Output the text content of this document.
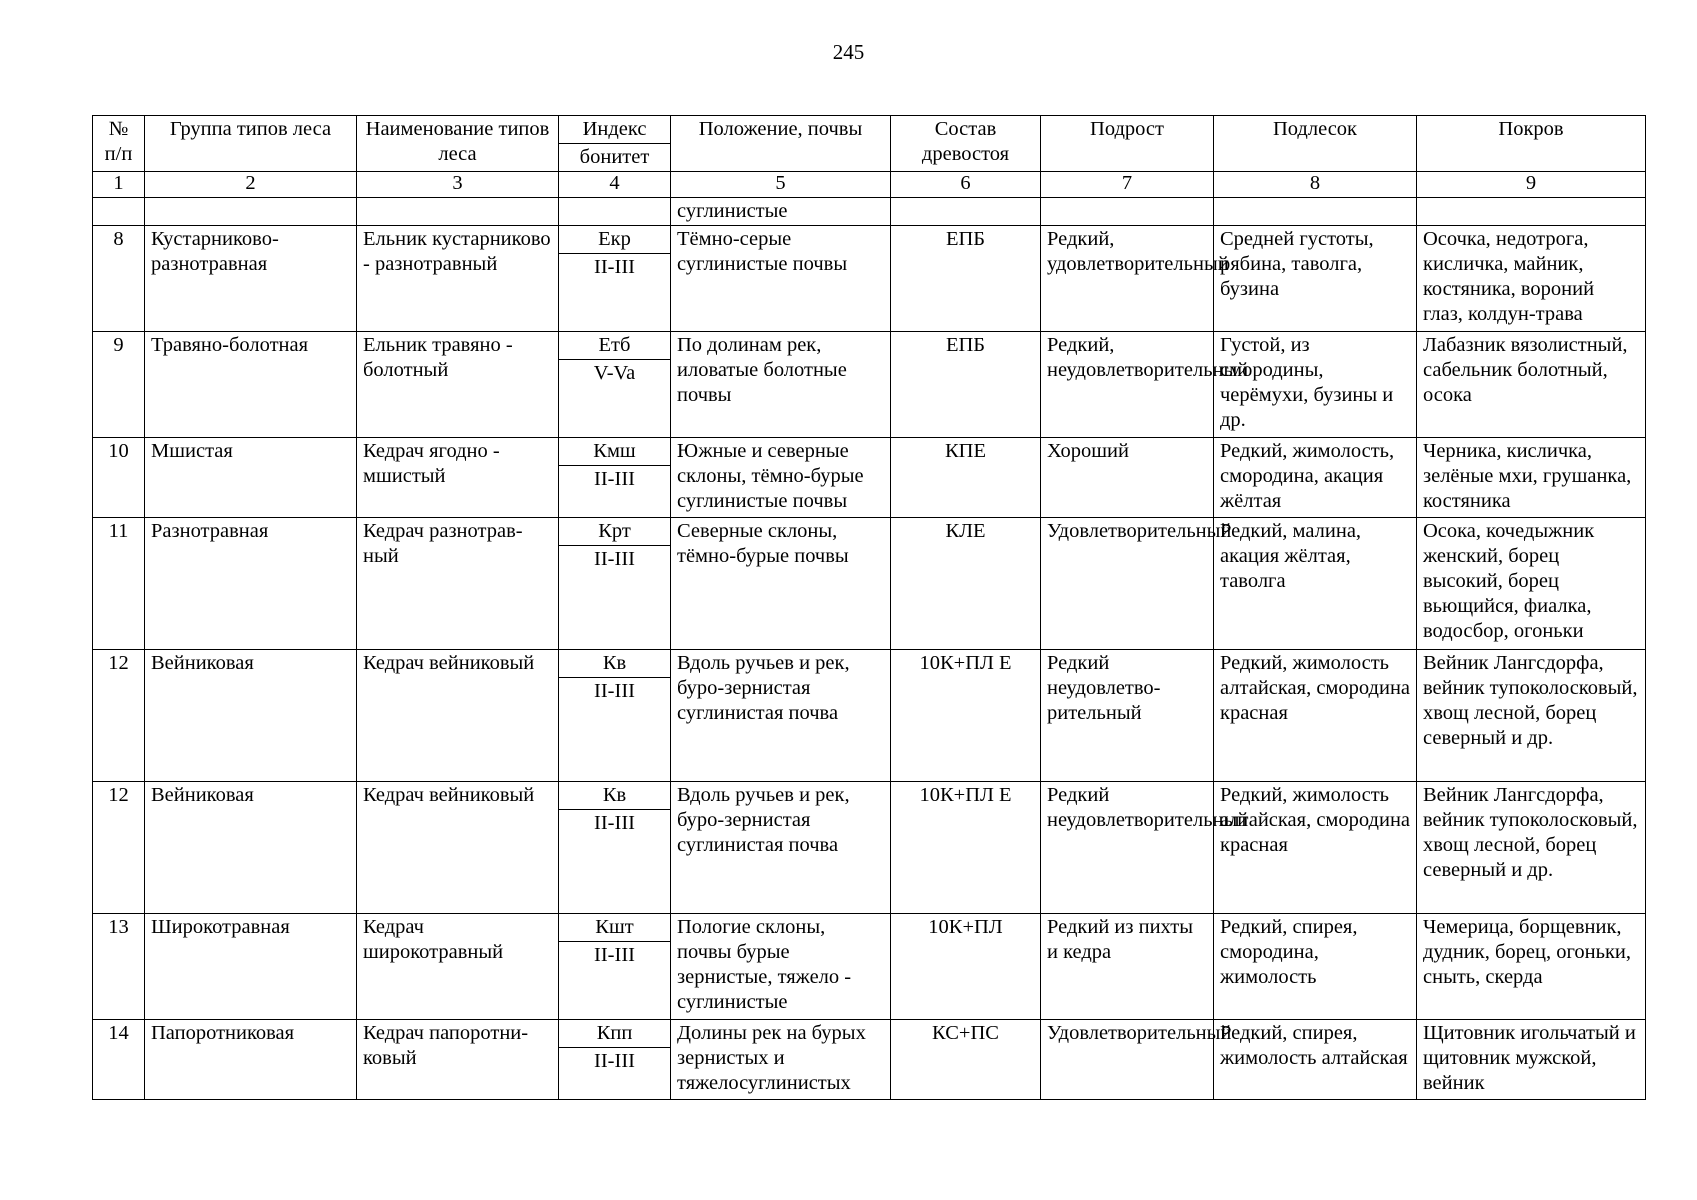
245
№ п/п	Группа типов леса	Наименование типов леса	Индекс	Положение, почвы	Состав древостоя	Подрост	Подлесок	Покров
			бонитет					
1	2	3	4	5	6	7	8	9
				суглинистые				
8	Кустарниково-разнотравная	Ельник кустарниково - разнотравный	Екр	Тёмно-серые суглинистые почвы	ЕПБ	Редкий, удовлетворительный	Средней густоты, рябина, таволга, бузина	Осочка, недотрога, кисличка, майник, костяника, вороний глаз, колдун-трава
			II-III					
9	Травяно-болотная	Ельник травяно - болотный	Етб	По долинам рек, иловатые болотные почвы	ЕПБ	Редкий, неудовлетворительный	Густой, из смородины, черёмухи, бузины и др.	Лабазник вязолистный, сабельник болотный, осока
			V-Va					
10	Мшистая	Кедрач ягодно - мшистый	Кмш	Южные и северные склоны, тёмно-бурые суглинистые почвы	КПЕ	Хороший	Редкий, жимолость, смородина, акация жёлтая	Черника, кисличка, зелёные мхи, грушанка, костяника
			II-III					
11	Разнотравная	Кедрач разнотрав-ный	Крт	Северные склоны, тёмно-бурые почвы	КЛЕ	Удовлетворительный	Редкий, малина, акация жёлтая, таволга	Осока, кочедыжник женский, борец высокий, борец вьющийся, фиалка, водосбор, огоньки
			II-III					
12	Вейниковая	Кедрач вейниковый	Кв	Вдоль ручьев и рек, буро-зернистая суглинистая почва	10К+ПЛ Е	Редкий неудовлетво-рительный	Редкий, жимолость алтайская, смородина красная	Вейник Лангсдорфа, вейник тупоколосковый, хвощ лесной, борец северный и др.
			II-III					
12	Вейниковая	Кедрач вейниковый	Кв	Вдоль ручьев и рек, буро-зернистая суглинистая почва	10К+ПЛ Е	Редкий неудовлетворительный	Редкий, жимолость алтайская, смородина красная	Вейник Лангсдорфа, вейник тупоколосковый, хвощ лесной, борец северный и др.
			II-III					
13	Широкотравная	Кедрач широкотравный	Кшт	Пологие склоны, почвы бурые зернистые, тяжело - суглинистые	10К+ПЛ	Редкий из пихты и кедра	Редкий, спирея, смородина, жимолость	Чемерица, борщевник, дудник, борец, огоньки, сныть, скерда
			II-III					
14	Папоротниковая	Кедрач папоротни-ковый	Кпп	Долины рек на бурых зернистых и тяжелосуглинистых	КС+ПС	Удовлетворительный	Редкий, спирея, жимолость алтайская	Щитовник игольчатый и щитовник мужской, вейник
			II-III					
